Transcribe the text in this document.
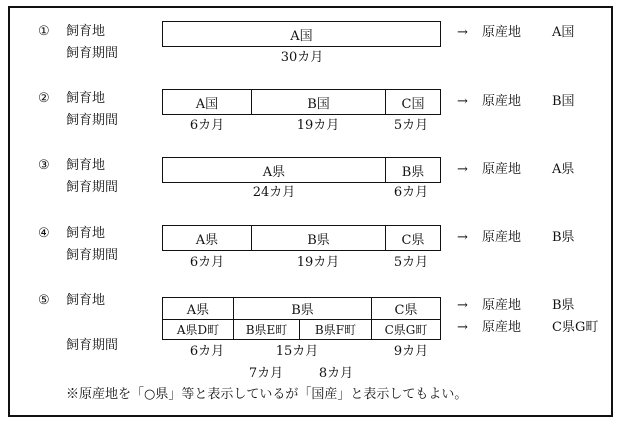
① 飼育地
飼育期間
A国
30カ月
→ 原産地 A国
② 飼育地
飼育期間
A国	B国	C国
6カ月	19カ月	5カ月
→ 原産地 B国
③ 飼育地
飼育期間
A県	B県
24カ月	6カ月
→ 原産地 A県
④ 飼育地
飼育期間
A県	B県	C県
6カ月	19カ月	5カ月
→ 原産地 B県
⑤ 飼育地
飼育期間
A県	B県	C県
A県D町	B県E町	B県F町	C県G町
6カ月	15カ月	9カ月
7カ月	8カ月
→ 原産地 B県
→ 原産地 C県G町
※原産地を「○県」等と表示しているが「国産」と表示してもよい。
